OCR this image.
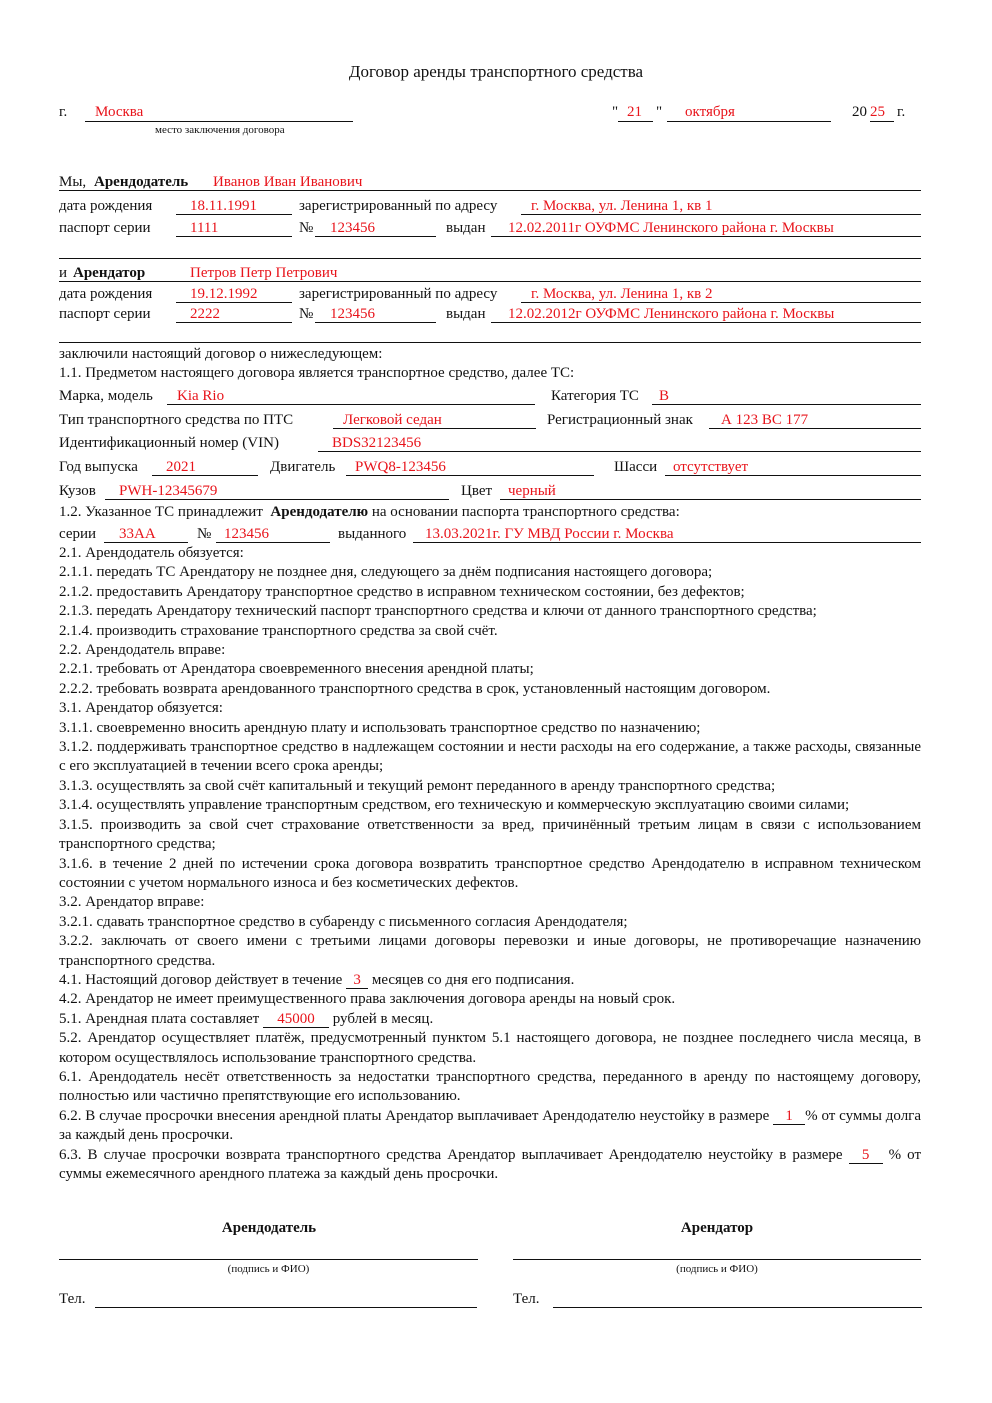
Договор аренды транспортного средства
г. Москва
место заключения договора
" 21 " октября	20 25 г.
Мы, Арендодатель Иванов Иван Иванович
дата рождения	18.11.1991	зарегистрированный по адресу г. Москва, ул. Ленина 1, кв 1
паспорт серии	1111	№ 123456	выдан 12.02.2011г ОУФМС Ленинского района г. Москвы
и Арендатор	Петров Петр Петрович
дата рождения	19.12.1992	зарегистрированный по адресу г. Москва, ул. Ленина 1, кв 2
паспорт серии	2222	№ 123456	выдан 12.02.2012г ОУФМС Ленинского района г. Москвы
заключили настоящий договор о нижеследующем:
1.1. Предметом настоящего договора является транспортное средство, далее ТС:
Марка, модель Kia Rio	Категория ТС B
Тип транспортного средства по ПТС	Легковой седан	Регистрационный знак А 123 ВС 177
Идентификационный номер (VIN)	BDS32123456
Год выпуска 2021	Двигатель PWQ8-123456	Шасси отсутствует
Кузов PWH-12345679	Цвет черный
1.2. Указанное ТС принадлежит Арендодателю на основании паспорта транспортного средства:
серии 33АА	№ 123456	выданного 13.03.2021г. ГУ МВД России г. Москва
2.1. Арендодатель обязуется:
2.1.1. передать ТС Арендатору не позднее дня, следующего за днём подписания настоящего договора;
2.1.2. предоставить Арендатору транспортное средство в исправном техническом состоянии, без дефектов;
2.1.3. передать Арендатору технический паспорт транспортного средства и ключи от данного транспортного средства;
2.1.4. производить страхование транспортного средства за свой счёт.
2.2. Арендодатель вправе:
2.2.1. требовать от Арендатора своевременного внесения арендной платы;
2.2.2. требовать возврата арендованного транспортного средства в срок, установленный настоящим договором.
3.1. Арендатор обязуется:
3.1.1. своевременно вносить арендную плату и использовать транспортное средство по назначению;
3.1.2. поддерживать транспортное средство в надлежащем состоянии и нести расходы на его содержание, а также расходы, связанные с его эксплуатацией в течении всего срока аренды;
3.1.3. осуществлять за свой счёт капитальный и текущий ремонт переданного в аренду транспортного средства;
3.1.4. осуществлять управление транспортным средством, его техническую и коммерческую эксплуатацию своими силами;
3.1.5. производить за свой счет страхование ответственности за вред, причинённый третьим лицам в связи с использованием транспортного средства;
3.1.6. в течение 2 дней по истечении срока договора возвратить транспортное средство Арендодателю в исправном техническом состоянии с учетом нормального износа и без косметических дефектов.
3.2. Арендатор вправе:
3.2.1. сдавать транспортное средство в субаренду с письменного согласия Арендодателя;
3.2.2. заключать от своего имени с третьими лицами договоры перевозки и иные договоры, не противоречащие назначению транспортного средства.
4.1. Настоящий договор действует в течение 3 месяцев со дня его подписания.
4.2. Арендатор не имеет преимущественного права заключения договора аренды на новый срок.
5.1. Арендная плата составляет 45000 рублей в месяц.
5.2. Арендатор осуществляет платёж, предусмотренный пунктом 5.1 настоящего договора, не позднее последнего числа месяца, в котором осуществлялось использование транспортного средства.
6.1. Арендодатель несёт ответственность за недостатки транспортного средства, переданного в аренду по настоящему договору, полностью или частично препятствующие его использованию.
6.2. В случае просрочки внесения арендной платы Арендатор выплачивает Арендодателю неустойку в размере 1 % от суммы долга за каждый день просрочки.
6.3. В случае просрочки возврата транспортного средства Арендатор выплачивает Арендодателю неустойку в размере 5 % от суммы ежемесячного арендного платежа за каждый день просрочки.
Арендодатель	Арендатор
(подпись и ФИО)	(подпись и ФИО)
Тел.	Тел.
